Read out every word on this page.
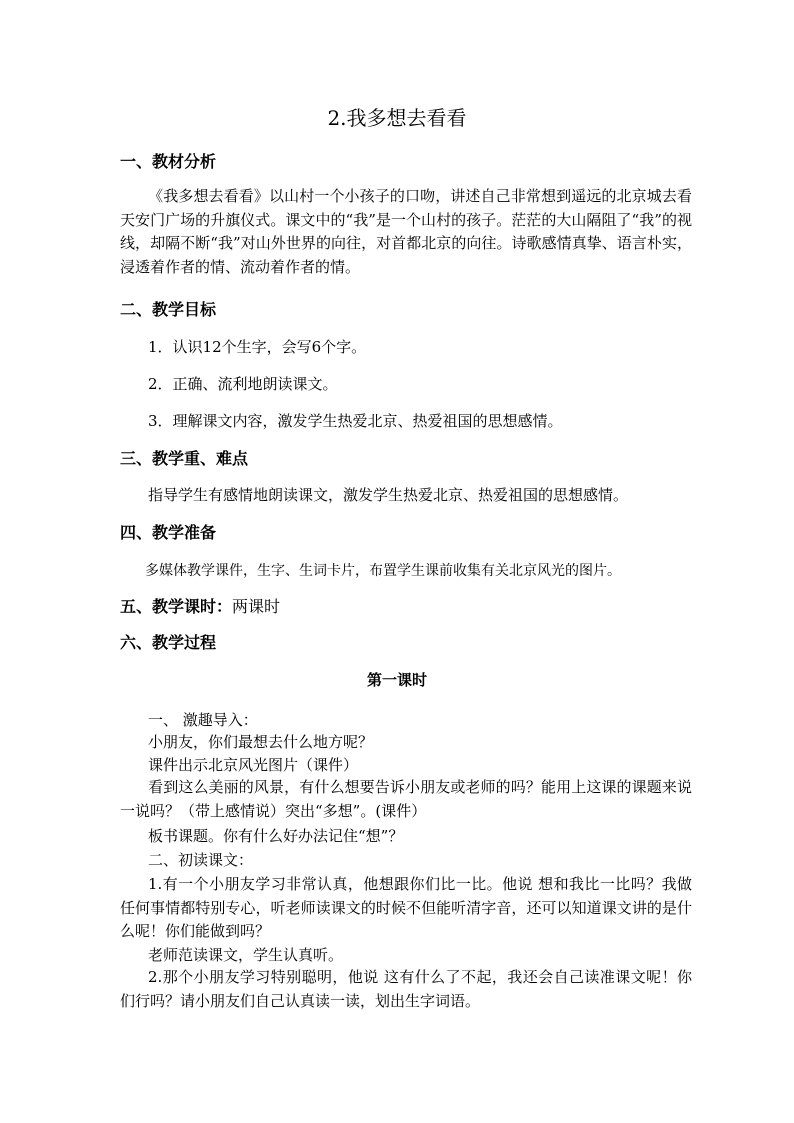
2.我多想去看看
一、教材分析
《我多想去看看》以山村一个小孩子的口吻，讲述自己非常想到遥远的北京城去看天安门广场的升旗仪式。课文中的“我”是一个山村的孩子。茫茫的大山隔阻了“我”的视线，却隔不断“我”对山外世界的向往，对首都北京的向往。诗歌感情真挚、语言朴实，浸透着作者的情、流动着作者的情。
二、教学目标
1．认识12个生字，会写6个字。
2．正确、流利地朗读课文。
3．理解课文内容，激发学生热爱北京、热爱祖国的思想感情。
三、教学重、难点
指导学生有感情地朗读课文，激发学生热爱北京、热爱祖国的思想感情。
四、教学准备
多媒体教学课件，生字、生词卡片，布置学生课前收集有关北京风光的图片。
五、教学课时：两课时
六、教学过程
第一课时
一、 激趣导入：
小朋友，你们最想去什么地方呢？
课件出示北京风光图片（课件）
看到这么美丽的风景，有什么想要告诉小朋友或老师的吗？能用上这课的课题来说一说吗？（带上感情说）突出“多想”。(课件）
板书课题。你有什么好办法记住“想”？
二、初读课文：
1.有一个小朋友学习非常认真，他想跟你们比一比。他说 想和我比一比吗？我做任何事情都特别专心，听老师读课文的时候不但能听清字音，还可以知道课文讲的是什么呢！你们能做到吗？
老师范读课文，学生认真听。
2.那个小朋友学习特别聪明，他说 这有什么了不起，我还会自己读准课文呢！你们行吗？请小朋友们自己认真读一读，划出生字词语。
